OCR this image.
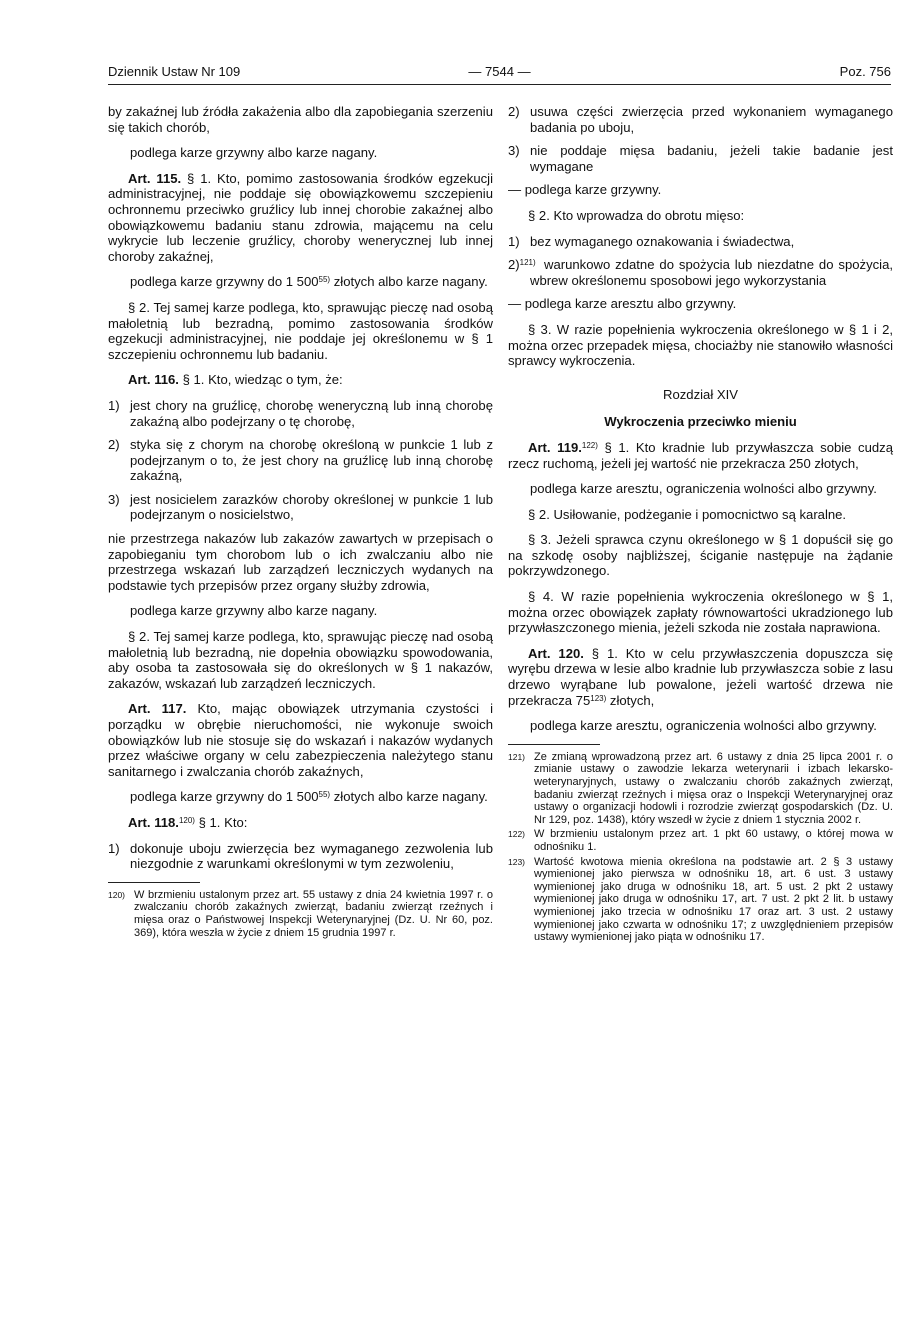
Dziennik Ustaw Nr 109	— 7544 —	Poz. 756

by zakaźnej lub źródła zakażenia albo dla zapobiegania szerzeniu się takich chorób,

podlega karze grzywny albo karze nagany.

Art. 115. § 1. Kto, pomimo zastosowania środków egzekucji administracyjnej, nie poddaje się obowiązkowemu szczepieniu ochronnemu przeciwko gruźlicy lub innej chorobie zakaźnej albo obowiązkowemu badaniu stanu zdrowia, mającemu na celu wykrycie lub leczenie gruźlicy, choroby wenerycznej lub innej choroby zakaźnej,

podlega karze grzywny do 1 500$^{55)}$ złotych albo karze nagany.

§ 2. Tej samej karze podlega, kto, sprawując pieczę nad osobą małoletnią lub bezradną, pomimo zastosowania środków egzekucji administracyjnej, nie poddaje jej określonemu w § 1 szczepieniu ochronnemu lub badaniu.

Art. 116. § 1. Kto, wiedząc o tym, że:

1) jest chory na gruźlicę, chorobę weneryczną lub inną chorobę zakaźną albo podejrzany o tę chorobę,
2) styka się z chorym na chorobę określoną w punkcie 1 lub z podejrzanym o to, że jest chory na gruźlicę lub inną chorobę zakaźną,
3) jest nosicielem zarazków choroby określonej w punkcie 1 lub podejrzanym o nosicielstwo,

nie przestrzega nakazów lub zakazów zawartych w przepisach o zapobieganiu tym chorobom lub o ich zwalczaniu albo nie przestrzega wskazań lub zarządzeń leczniczych wydanych na podstawie tych przepisów przez organy służby zdrowia,

podlega karze grzywny albo karze nagany.

§ 2. Tej samej karze podlega, kto, sprawując pieczę nad osobą małoletnią lub bezradną, nie dopełnia obowiązku spowodowania, aby osoba ta zastosowała się do określonych w § 1 nakazów, zakazów, wskazań lub zarządzeń leczniczych.

Art. 117. Kto, mając obowiązek utrzymania czystości i porządku w obrębie nieruchomości, nie wykonuje swoich obowiązków lub nie stosuje się do wskazań i nakazów wydanych przez właściwe organy w celu zabezpieczenia należytego stanu sanitarnego i zwalczania chorób zakaźnych,

podlega karze grzywny do 1 500$^{55)}$ złotych albo karze nagany.

Art. 118.$^{120)}$ § 1. Kto:

1) dokonuje uboju zwierzęcia bez wymaganego zezwolenia lub niezgodnie z warunkami określonymi w tym zezwoleniu,
120) W brzmieniu ustalonym przez art. 55 ustawy z dnia 24 kwietnia 1997 r. o zwalczaniu chorób zakaźnych zwierząt, badaniu zwierząt rzeźnych i mięsa oraz o Państwowej Inspekcji Weterynaryjnej (Dz. U. Nr 60, poz. 369), która weszła w życie z dniem 15 grudnia 1997 r.
2) usuwa części zwierzęcia przed wykonaniem wymaganego badania po uboju,
3) nie poddaje mięsa badaniu, jeżeli takie badanie jest wymagane

— podlega karze grzywny.

§ 2. Kto wprowadza do obrotu mięso:

1) bez wymaganego oznakowania i świadectwa,
2)$^{121)}$ warunkowo zdatne do spożycia lub niezdatne do spożycia, wbrew określonemu sposobowi jego wykorzystania

— podlega karze aresztu albo grzywny.

§ 3. W razie popełnienia wykroczenia określonego w § 1 i 2, można orzec przepadek mięsa, chociażby nie stanowiło własności sprawcy wykroczenia.

Rozdział XIV

Wykroczenia przeciwko mieniu

Art. 119.$^{122)}$ § 1. Kto kradnie lub przywłaszcza sobie cudzą rzecz ruchomą, jeżeli jej wartość nie przekracza 250 złotych,

podlega karze aresztu, ograniczenia wolności albo grzywny.

§ 2. Usiłowanie, podżeganie i pomocnictwo są karalne.

§ 3. Jeżeli sprawca czynu określonego w § 1 dopuścił się go na szkodę osoby najbliższej, ściganie następuje na żądanie pokrzywdzonego.

§ 4. W razie popełnienia wykroczenia określonego w § 1, można orzec obowiązek zapłaty równowartości ukradzionego lub przywłaszczonego mienia, jeżeli szkoda nie została naprawiona.

Art. 120. § 1. Kto w celu przywłaszczenia dopuszcza się wyrębu drzewa w lesie albo kradnie lub przywłaszcza sobie z lasu drzewo wyrąbane lub powalone, jeżeli wartość drzewa nie przekracza 75$^{123)}$ złotych,

podlega karze aresztu, ograniczenia wolności albo grzywny.

121) Ze zmianą wprowadzoną przez art. 6 ustawy z dnia 25 lipca 2001 r. o zmianie ustawy o zawodzie lekarza weterynarii i izbach lekarsko-weterynaryjnych, ustawy o zwalczaniu chorób zakaźnych zwierząt, badaniu zwierząt rzeźnych i mięsa oraz o Inspekcji Weterynaryjnej oraz ustawy o organizacji hodowli i rozrodzie zwierząt gospodarskich (Dz. U. Nr 129, poz. 1438), który wszedł w życie z dniem 1 stycznia 2002 r.
122) W brzmieniu ustalonym przez art. 1 pkt 60 ustawy, o której mowa w odnośniku 1.
123) Wartość kwotowa mienia określona na podstawie art. 2 § 3 ustawy wymienionej jako pierwsza w odnośniku 18, art. 6 ust. 3 ustawy wymienionej jako druga w odnośniku 18, art. 5 ust. 2 pkt 2 ustawy wymienionej jako druga w odnośniku 17, art. 7 ust. 2 pkt 2 lit. b ustawy wymienionej jako trzecia w odnośniku 17 oraz art. 3 ust. 2 ustawy wymienionej jako czwarta w odnośniku 17; z uwzględnieniem przepisów ustawy wymienionej jako piąta w odnośniku 17.
